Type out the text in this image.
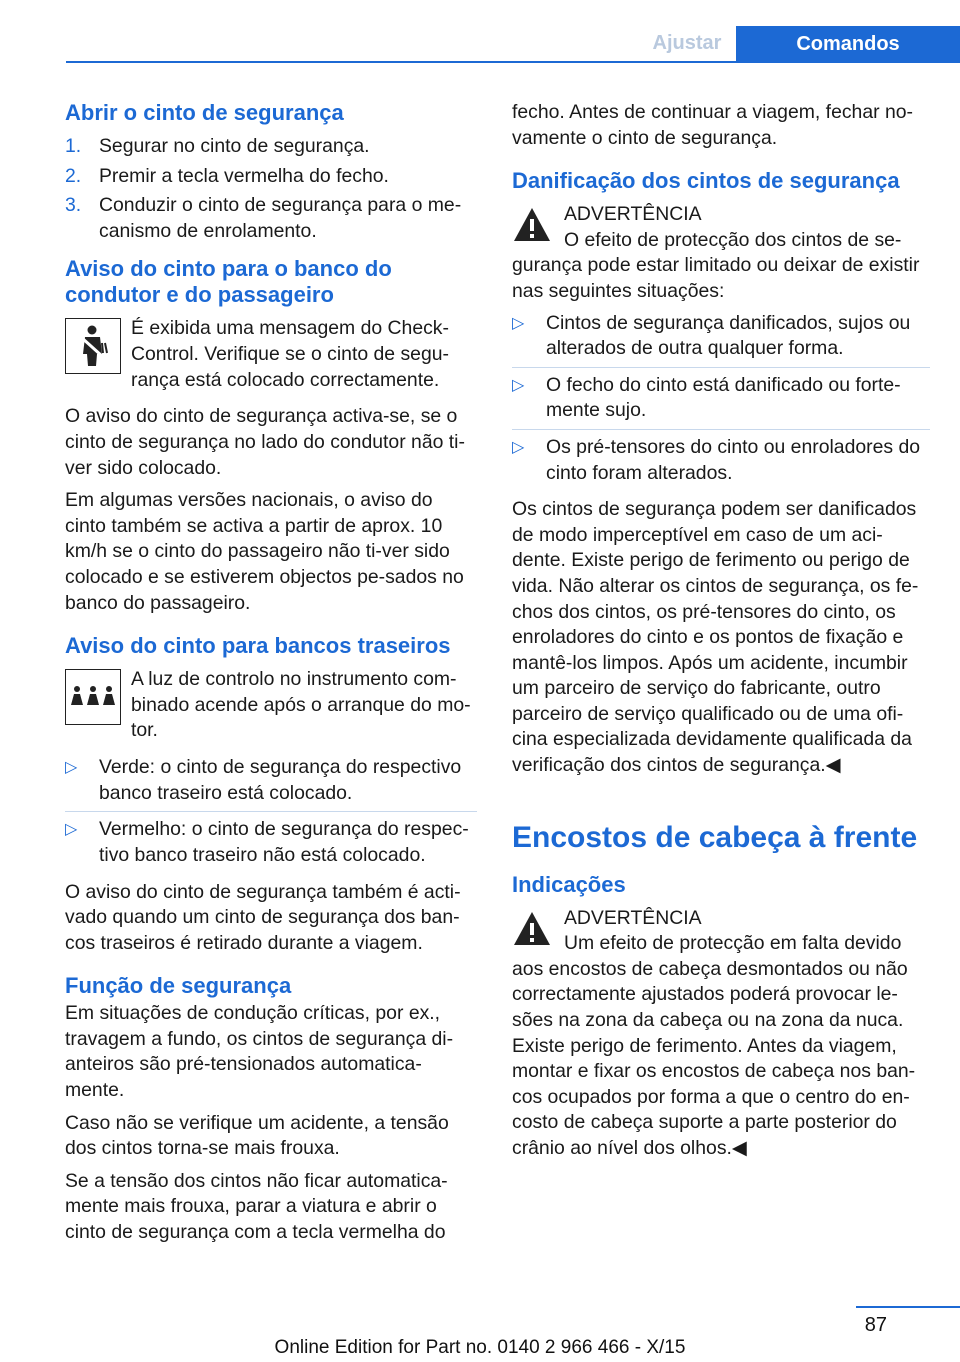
Ajustar	Comandos
Abrir o cinto de segurança
1. Segurar no cinto de segurança.
2. Premir a tecla vermelha do fecho.
3. Conduzir o cinto de segurança para o me-canismo de enrolamento.
Aviso do cinto para o banco do condutor e do passageiro

É exibida uma mensagem do Check-Control. Verifique se o cinto de segu-rança está colocado correctamente.

O aviso do cinto de segurança activa-se, se o cinto de segurança no lado do condutor não ti-ver sido colocado.

Em algumas versões nacionais, o aviso do cinto também se activa a partir de aprox. 10 km/h se o cinto do passageiro não ti-ver sido colocado e se estiverem objectos pe-sados no banco do passageiro.

Aviso do cinto para bancos traseiros

A luz de controlo no instrumento com-binado acende após o arranque do mo-tor.

▷ Verde: o cinto de segurança do respectivo banco traseiro está colocado.
▷ Vermelho: o cinto de segurança do respec-tivo banco traseiro não está colocado.

O aviso do cinto de segurança também é acti-vado quando um cinto de segurança dos ban-cos traseiros é retirado durante a viagem.

Função de segurança

Em situações de condução críticas, por ex., travagem a fundo, os cintos de segurança di-anteiros são pré-tensionados automatica-mente.

Caso não se verifique um acidente, a tensão dos cintos torna-se mais frouxa.

Se a tensão dos cintos não ficar automatica-mente mais frouxa, parar a viatura e abrir o cinto de segurança com a tecla vermelha do

fecho. Antes de continuar a viagem, fechar no-vamente o cinto de segurança.

Danificação dos cintos de segurança
ADVERTÊNCIA
O efeito de protecção dos cintos de se-
gurança pode estar limitado ou deixar de existir nas seguintes situações:
▷ Cintos de segurança danificados, sujos ou alterados de outra qualquer forma.
▷ O fecho do cinto está danificado ou forte-mente sujo.
▷ Os pré-tensores do cinto ou enroladores do cinto foram alterados.

Os cintos de segurança podem ser danificados de modo imperceptível em caso de um aci-dente. Existe perigo de ferimento ou perigo de vida. Não alterar os cintos de segurança, os fe-chos dos cintos, os pré-tensores do cinto, os enroladores do cinto e os pontos de fixação e mantê-los limpos. Após um acidente, incumbir um parceiro de serviço do fabricante, outro parceiro de serviço qualificado ou de uma ofi-cina especializada devidamente qualificada da verificação dos cintos de segurança.◀

Encostos de cabeça à frente
Indicações
ADVERTÊNCIA
Um efeito de protecção em falta devido
aos encostos de cabeça desmontados ou não correctamente ajustados poderá provocar le-sões na zona da cabeça ou na zona da nuca. Existe perigo de ferimento. Antes da viagem, montar e fixar os encostos de cabeça nos ban-cos ocupados por forma a que o centro do en-costo de cabeça suporte a parte posterior do crânio ao nível dos olhos.◀
87
Online Edition for Part no. 0140 2 966 466 - X/15
